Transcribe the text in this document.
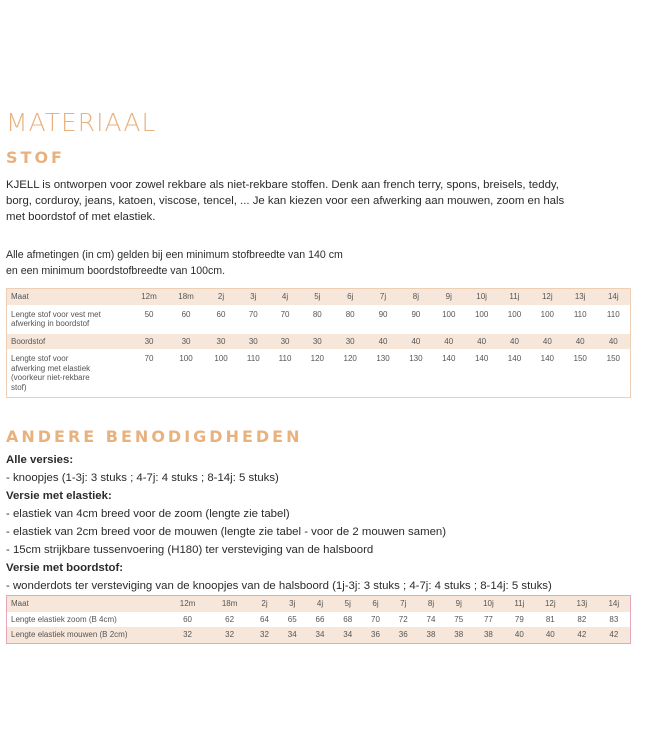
MATERIAAL
STOF

KJELL is ontworpen voor zowel rekbare als niet-rekbare stoffen. Denk aan french terry, spons, breisels, teddy,

borg, corduroy, jeans, katoen, viscose, tencel, ... Je kan kiezen voor een afwerking aan mouwen, zoom en hals

met boordstof of met elastiek.

Alle afmetingen (in cm) gelden bij een minimum stofbreedte van 140 cm

en een minimum boordstofbreedte van 100cm.

Maat	12m	18m	2j	3j	4j	5j	6j	7j	8j	9j	10j	11j	12j	13j	14j

Lengte stof voor vest met
afwerking in boordstof	50	60	60	70	70	80	80	90	90	100	100	100	100	110	110

Boordstof	30	30	30	30	30	30	30	40	40	40	40	40	40	40	40

Lengte stof voor
afwerking met elastiek
(voorkeur niet-rekbare
stof)	70	100	100	110	110	120	120	130	130	140	140	140	140	150	150
ANDERE BENODIGDHEDEN

Alle versies:

- knoopjes (1-3j: 3 stuks ; 4-7j: 4 stuks ; 8-14j: 5 stuks)

Versie met elastiek:

- elastiek van 4cm breed voor de zoom (lengte zie tabel)

- elastiek van 2cm breed voor de mouwen (lengte zie tabel - voor de 2 mouwen samen)

- 15cm strijkbare tussenvoering (H180) ter versteviging van de halsboord

Versie met boordstof:

- wonderdots ter versteviging van de knoopjes van de halsboord (1j-3j: 3 stuks ; 4-7j: 4 stuks ; 8-14j: 5 stuks)

Maat	12m	18m	2j	3j	4j	5j	6j	7j	8j	9j	10j	11j	12j	13j	14j
Lengte elastiek zoom (B 4cm)	60	62	64	65	66	68	70	72	74	75	77	79	81	82	83
Lengte elastiek mouwen (B 2cm)	32	32	32	34	34	34	36	36	38	38	38	40	40	42	42
